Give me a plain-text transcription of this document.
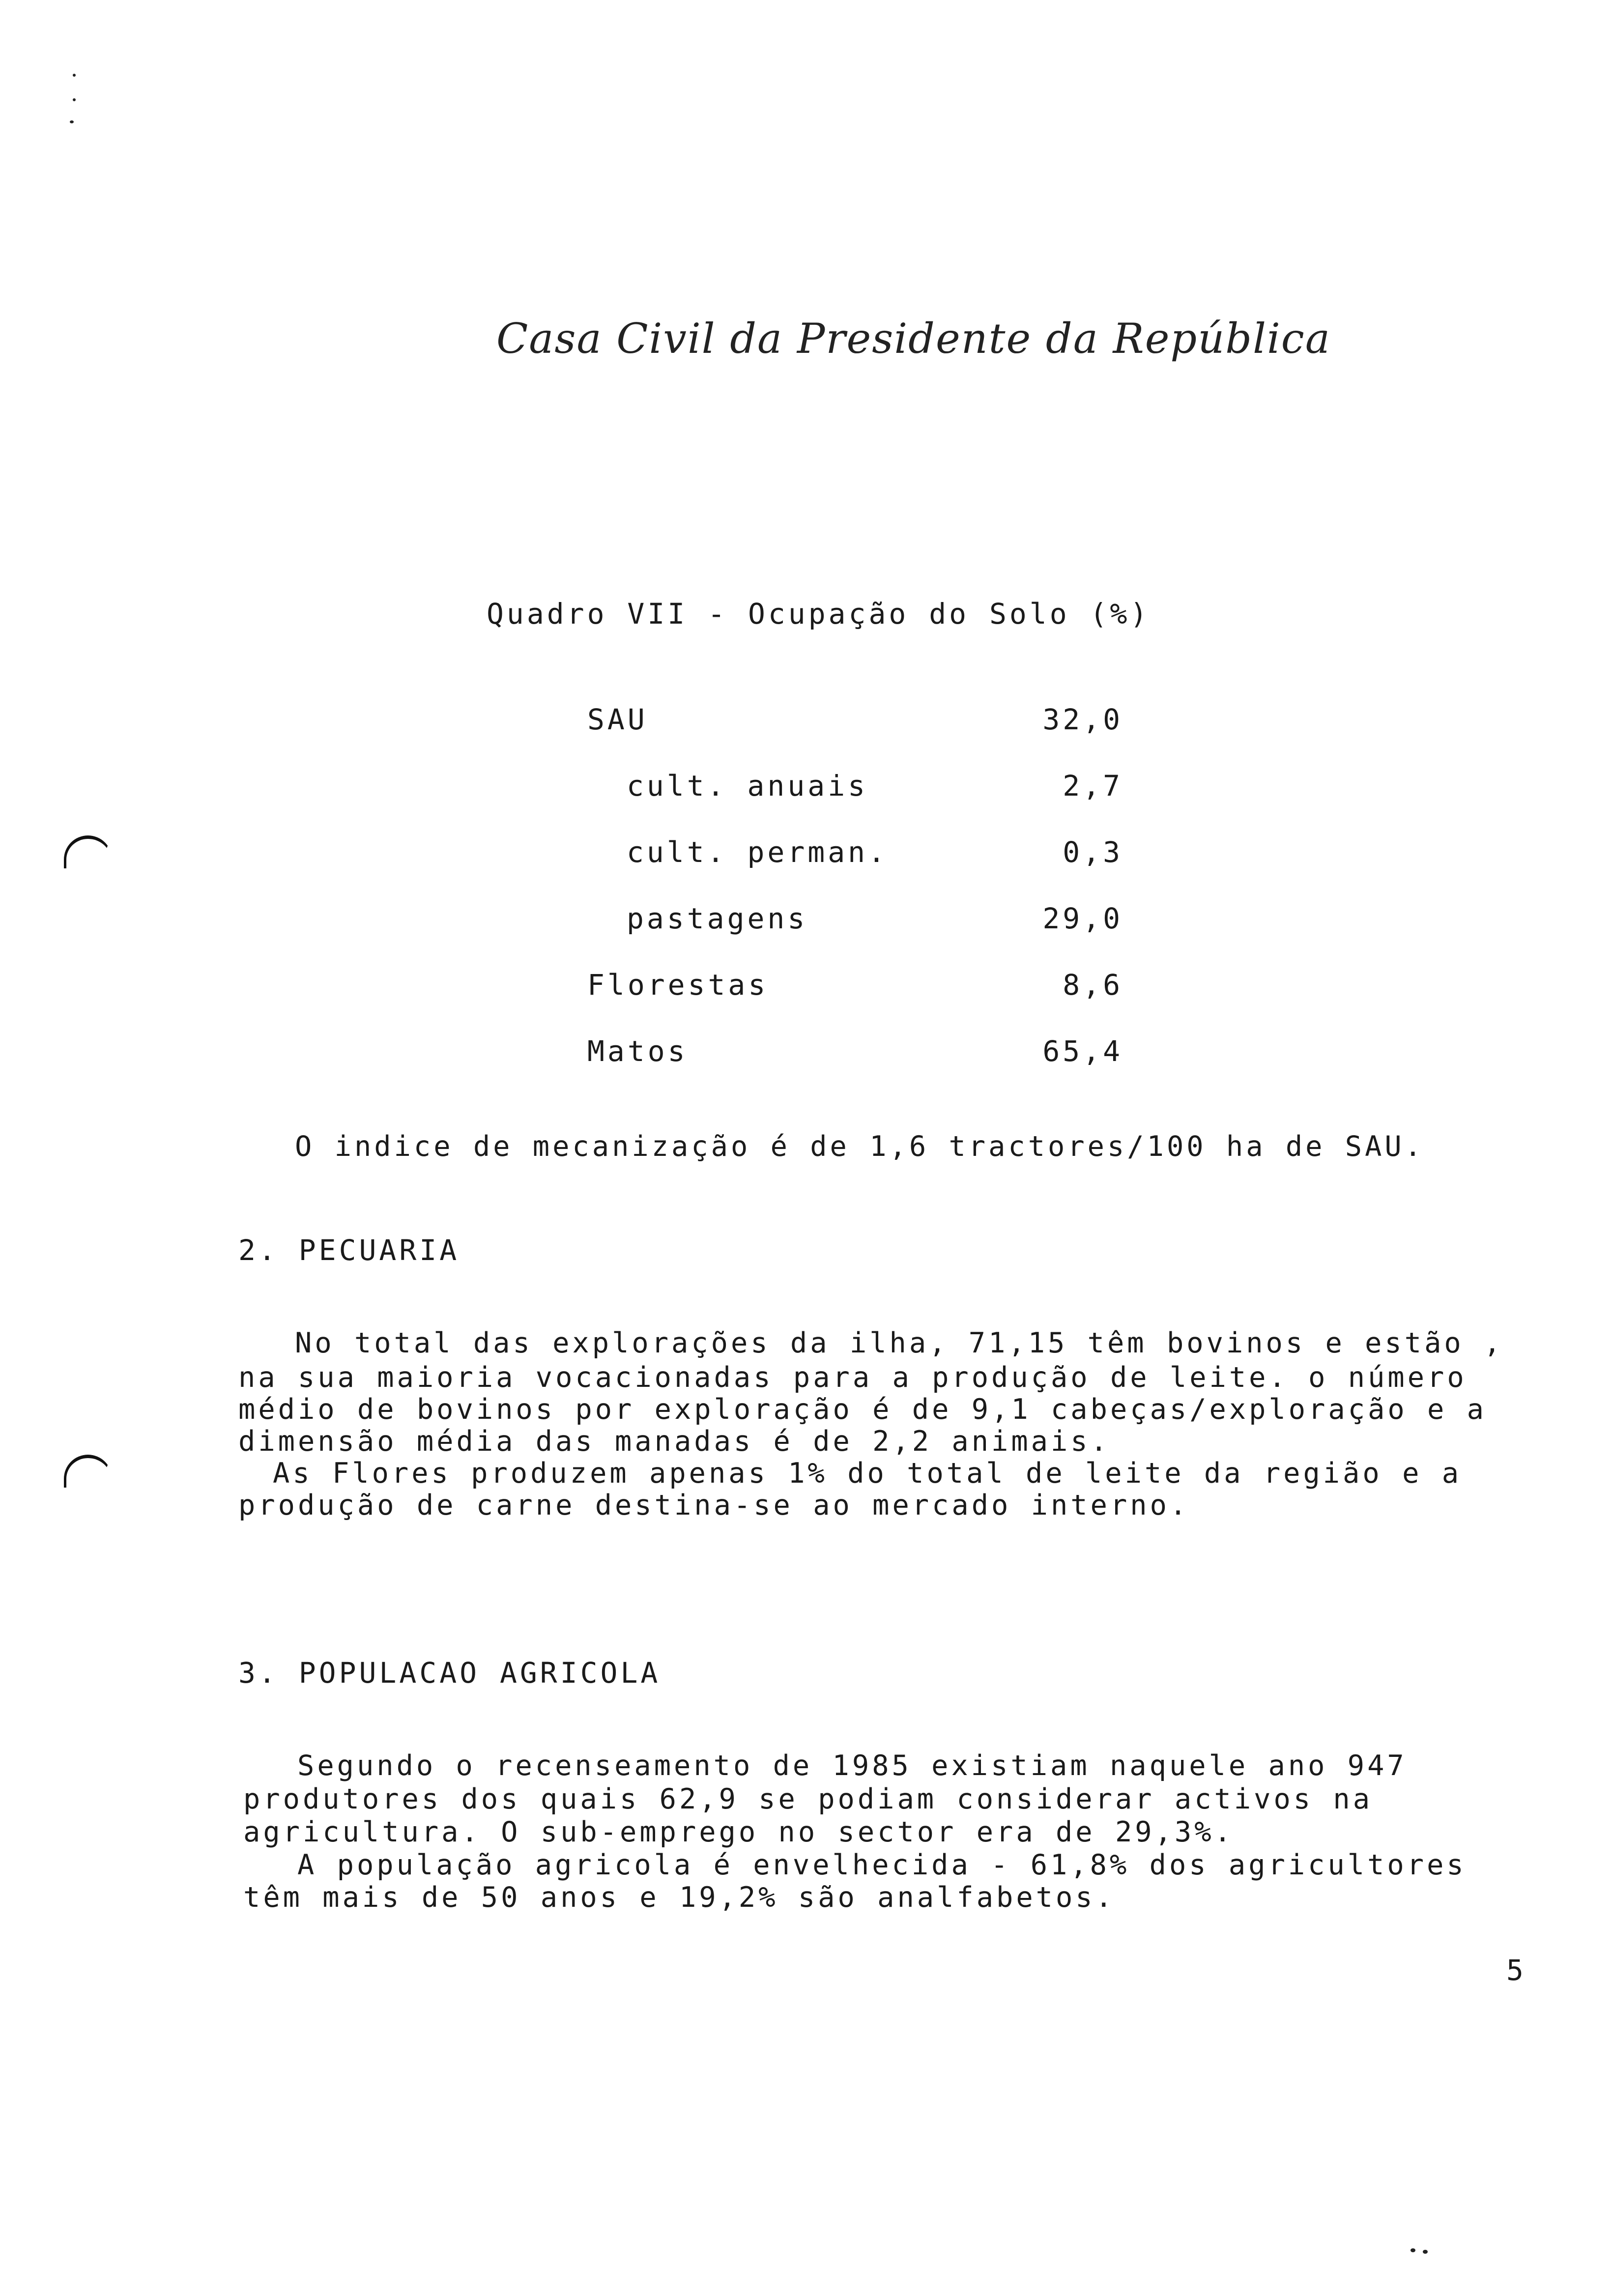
Casa Civil da Presidente da República
Quadro VII - Ocupação do Solo (%)
SAU	32,0
cult. anuais	2,7
cult. perman.	0,3
pastagens	29,0
Florestas	8,6
Matos	65,4
O indice de mecanização é de 1,6 tractores/100 ha de SAU.
2. PECUARIA
No total das explorações da ilha, 71,15 têm bovinos e estão ,
na sua maioria vocacionadas para a produção de leite. o número
médio de bovinos por exploração é de 9,1 cabeças/exploração e a
dimensão média das manadas é de 2,2 animais.
As Flores produzem apenas 1% do total de leite da região e a
produção de carne destina-se ao mercado interno.
3. POPULACAO AGRICOLA
Segundo o recenseamento de 1985 existiam naquele ano 947
produtores dos quais 62,9 se podiam considerar activos na
agricultura. O sub-emprego no sector era de 29,3%.
A população agricola é envelhecida - 61,8% dos agricultores
têm mais de 50 anos e 19,2% são analfabetos.
5
